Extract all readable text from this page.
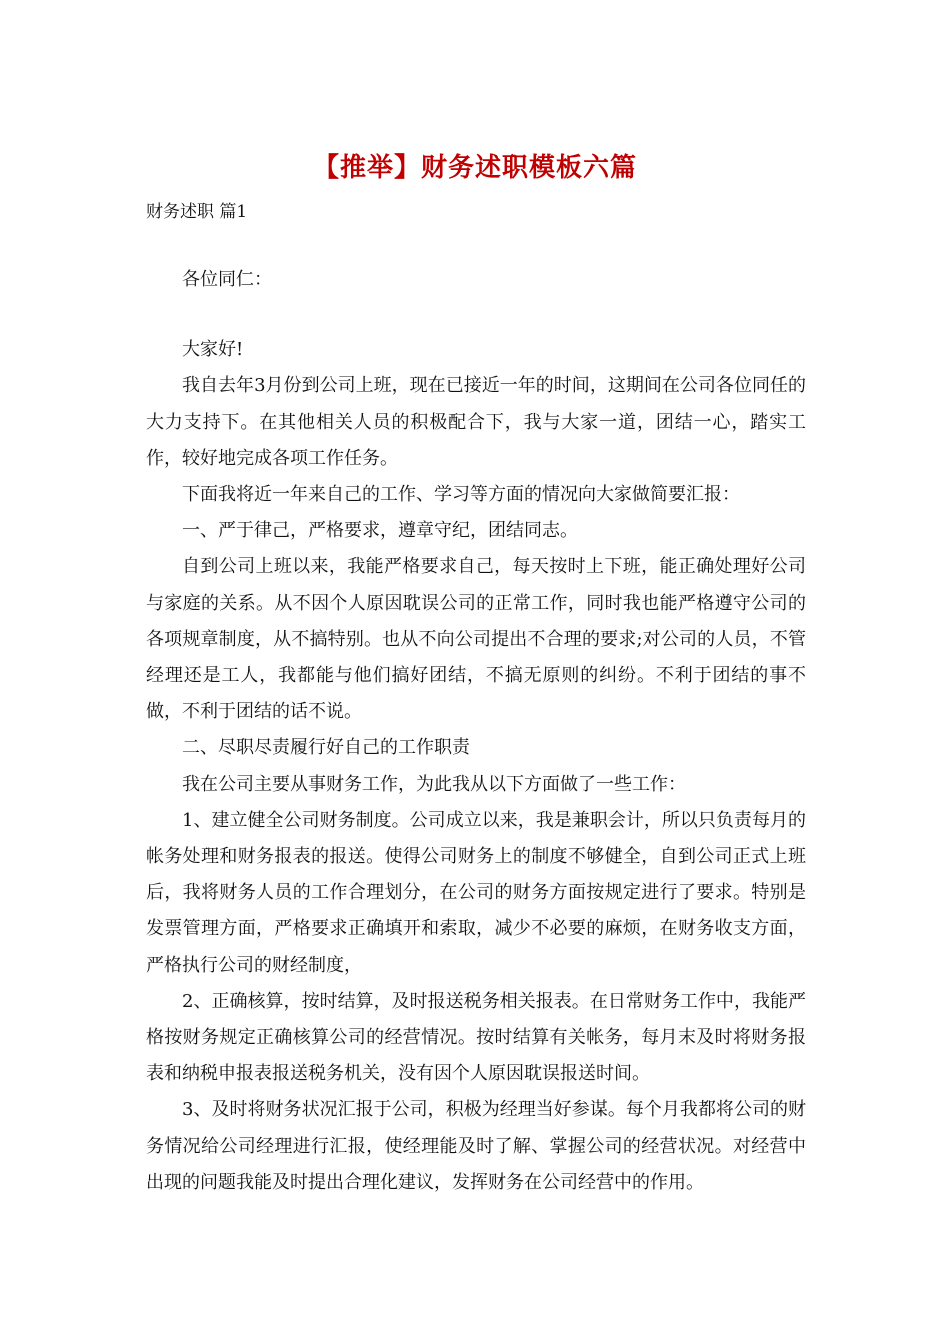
【推举】财务述职模板六篇

财务述职 篇1

各位同仁：

大家好!

我自去年3月份到公司上班，现在已接近一年的时间，这期间在公司各位同任的大力支持下。在其他相关人员的积极配合下，我与大家一道，团结一心，踏实工作，较好地完成各项工作任务。

下面我将近一年来自己的工作、学习等方面的情况向大家做简要汇报：

一、严于律己，严格要求，遵章守纪，团结同志。

自到公司上班以来，我能严格要求自己，每天按时上下班，能正确处理好公司与家庭的关系。从不因个人原因耽误公司的正常工作，同时我也能严格遵守公司的各项规章制度，从不搞特别。也从不向公司提出不合理的要求;对公司的人员，不管经理还是工人，我都能与他们搞好团结，不搞无原则的纠纷。不利于团结的事不做，不利于团结的话不说。

二、尽职尽责履行好自己的工作职责

我在公司主要从事财务工作，为此我从以下方面做了一些工作：

1、建立健全公司财务制度。公司成立以来，我是兼职会计，所以只负责每月的帐务处理和财务报表的报送。使得公司财务上的制度不够健全，自到公司正式上班后，我将财务人员的工作合理划分，在公司的财务方面按规定进行了要求。特别是发票管理方面，严格要求正确填开和索取，减少不必要的麻烦，在财务收支方面，严格执行公司的财经制度，

2、正确核算，按时结算，及时报送税务相关报表。在日常财务工作中，我能严格按财务规定正确核算公司的经营情况。按时结算有关帐务，每月末及时将财务报表和纳税申报表报送税务机关，没有因个人原因耽误报送时间。

3、及时将财务状况汇报于公司，积极为经理当好参谋。每个月我都将公司的财务情况给公司经理进行汇报，使经理能及时了解、掌握公司的经营状况。对经营中出现的问题我能及时提出合理化建议，发挥财务在公司经营中的作用。
